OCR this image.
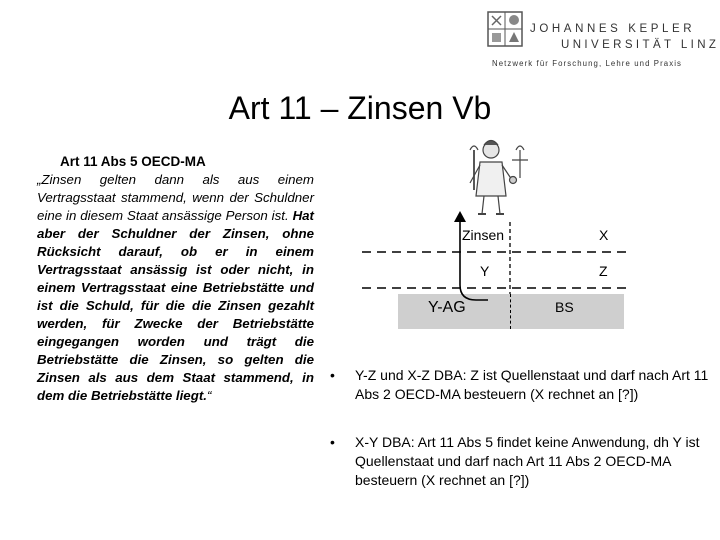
JOHANNES KEPLER
UNIVERSITÄT LINZ
Netzwerk für Forschung, Lehre und Praxis
Art 11 – Zinsen Vb
Art 11 Abs 5 OECD-MA

„Zinsen gelten dann als aus einem Vertragsstaat stammend, wenn der Schuldner eine in diesem Staat ansässige Person ist. Hat aber der Schuldner der Zinsen, ohne Rücksicht darauf, ob er in einem Vertragsstaat ansässig ist oder nicht, in einem Vertragsstaat eine Betriebstätte und ist die Schuld, für die die Zinsen gezahlt werden, für Zwecke der Betriebstätte eingegangen worden und trägt die Betriebstätte die Zinsen, so gelten die Zinsen als aus dem Staat stammend, in dem die Betriebstätte liegt.“

Zinsen	X
Y	Z
Y-AG	BS
• Y-Z und X-Z DBA: Z ist Quellenstaat und darf nach Art 11 Abs 2 OECD-MA besteuern (X rechnet an [?])
• X-Y DBA: Art 11 Abs 5 findet keine Anwendung, dh Y ist Quellenstaat und darf nach Art 11 Abs 2 OECD-MA besteuern (X rechnet an [?])
